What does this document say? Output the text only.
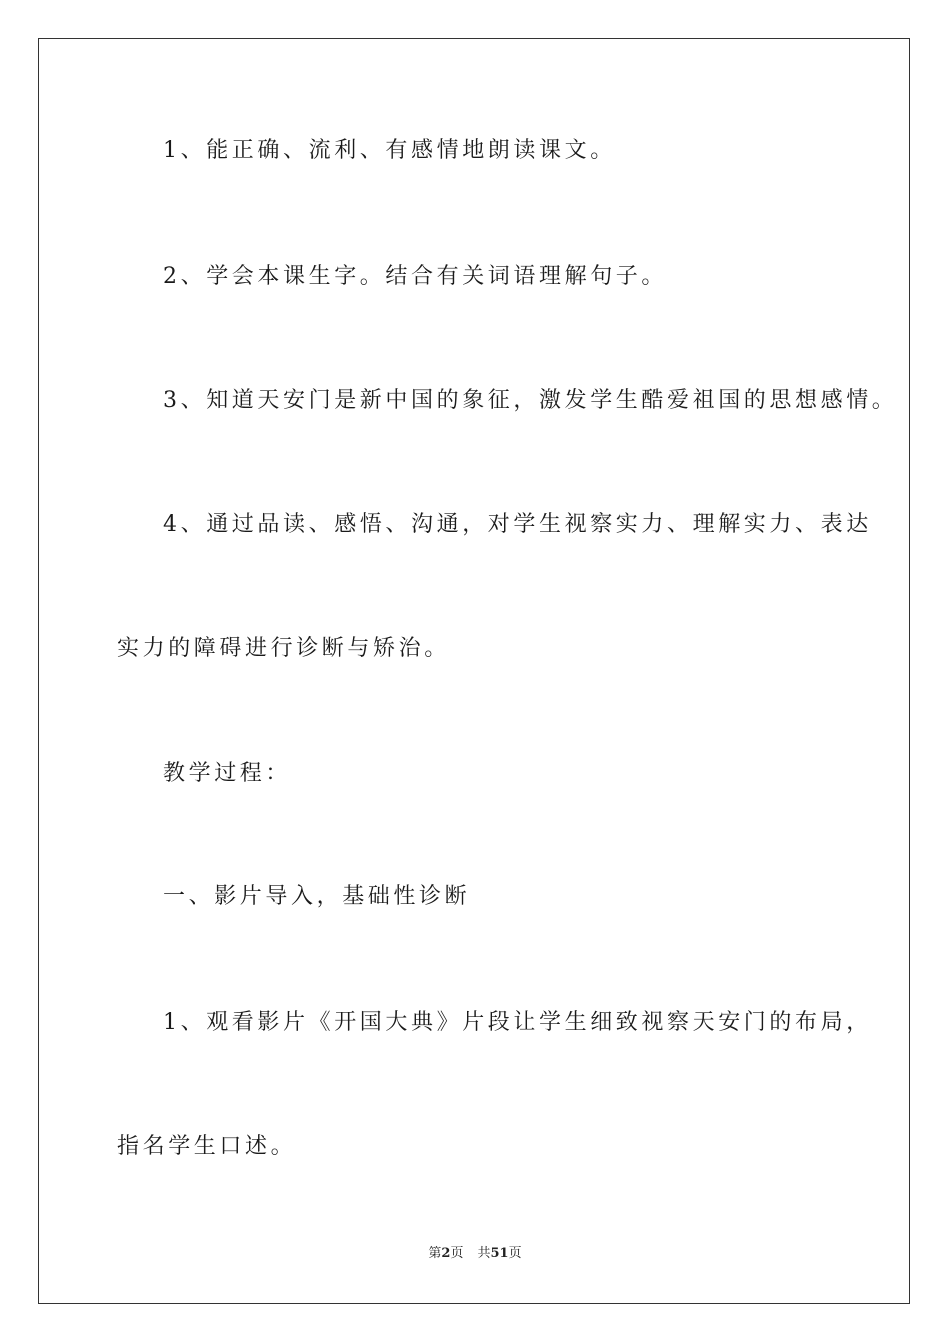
1、能正确、流利、有感情地朗读课文。
2、学会本课生字。结合有关词语理解句子。
3、知道天安门是新中国的象征，激发学生酷爱祖国的思想感情。
4、通过品读、感悟、沟通，对学生视察实力、理解实力、表达
实力的障碍进行诊断与矫治。
教学过程：
一、影片导入，基础性诊断
1、观看影片《开国大典》片段让学生细致视察天安门的布局，
指名学生口述。
第2页 共51页
